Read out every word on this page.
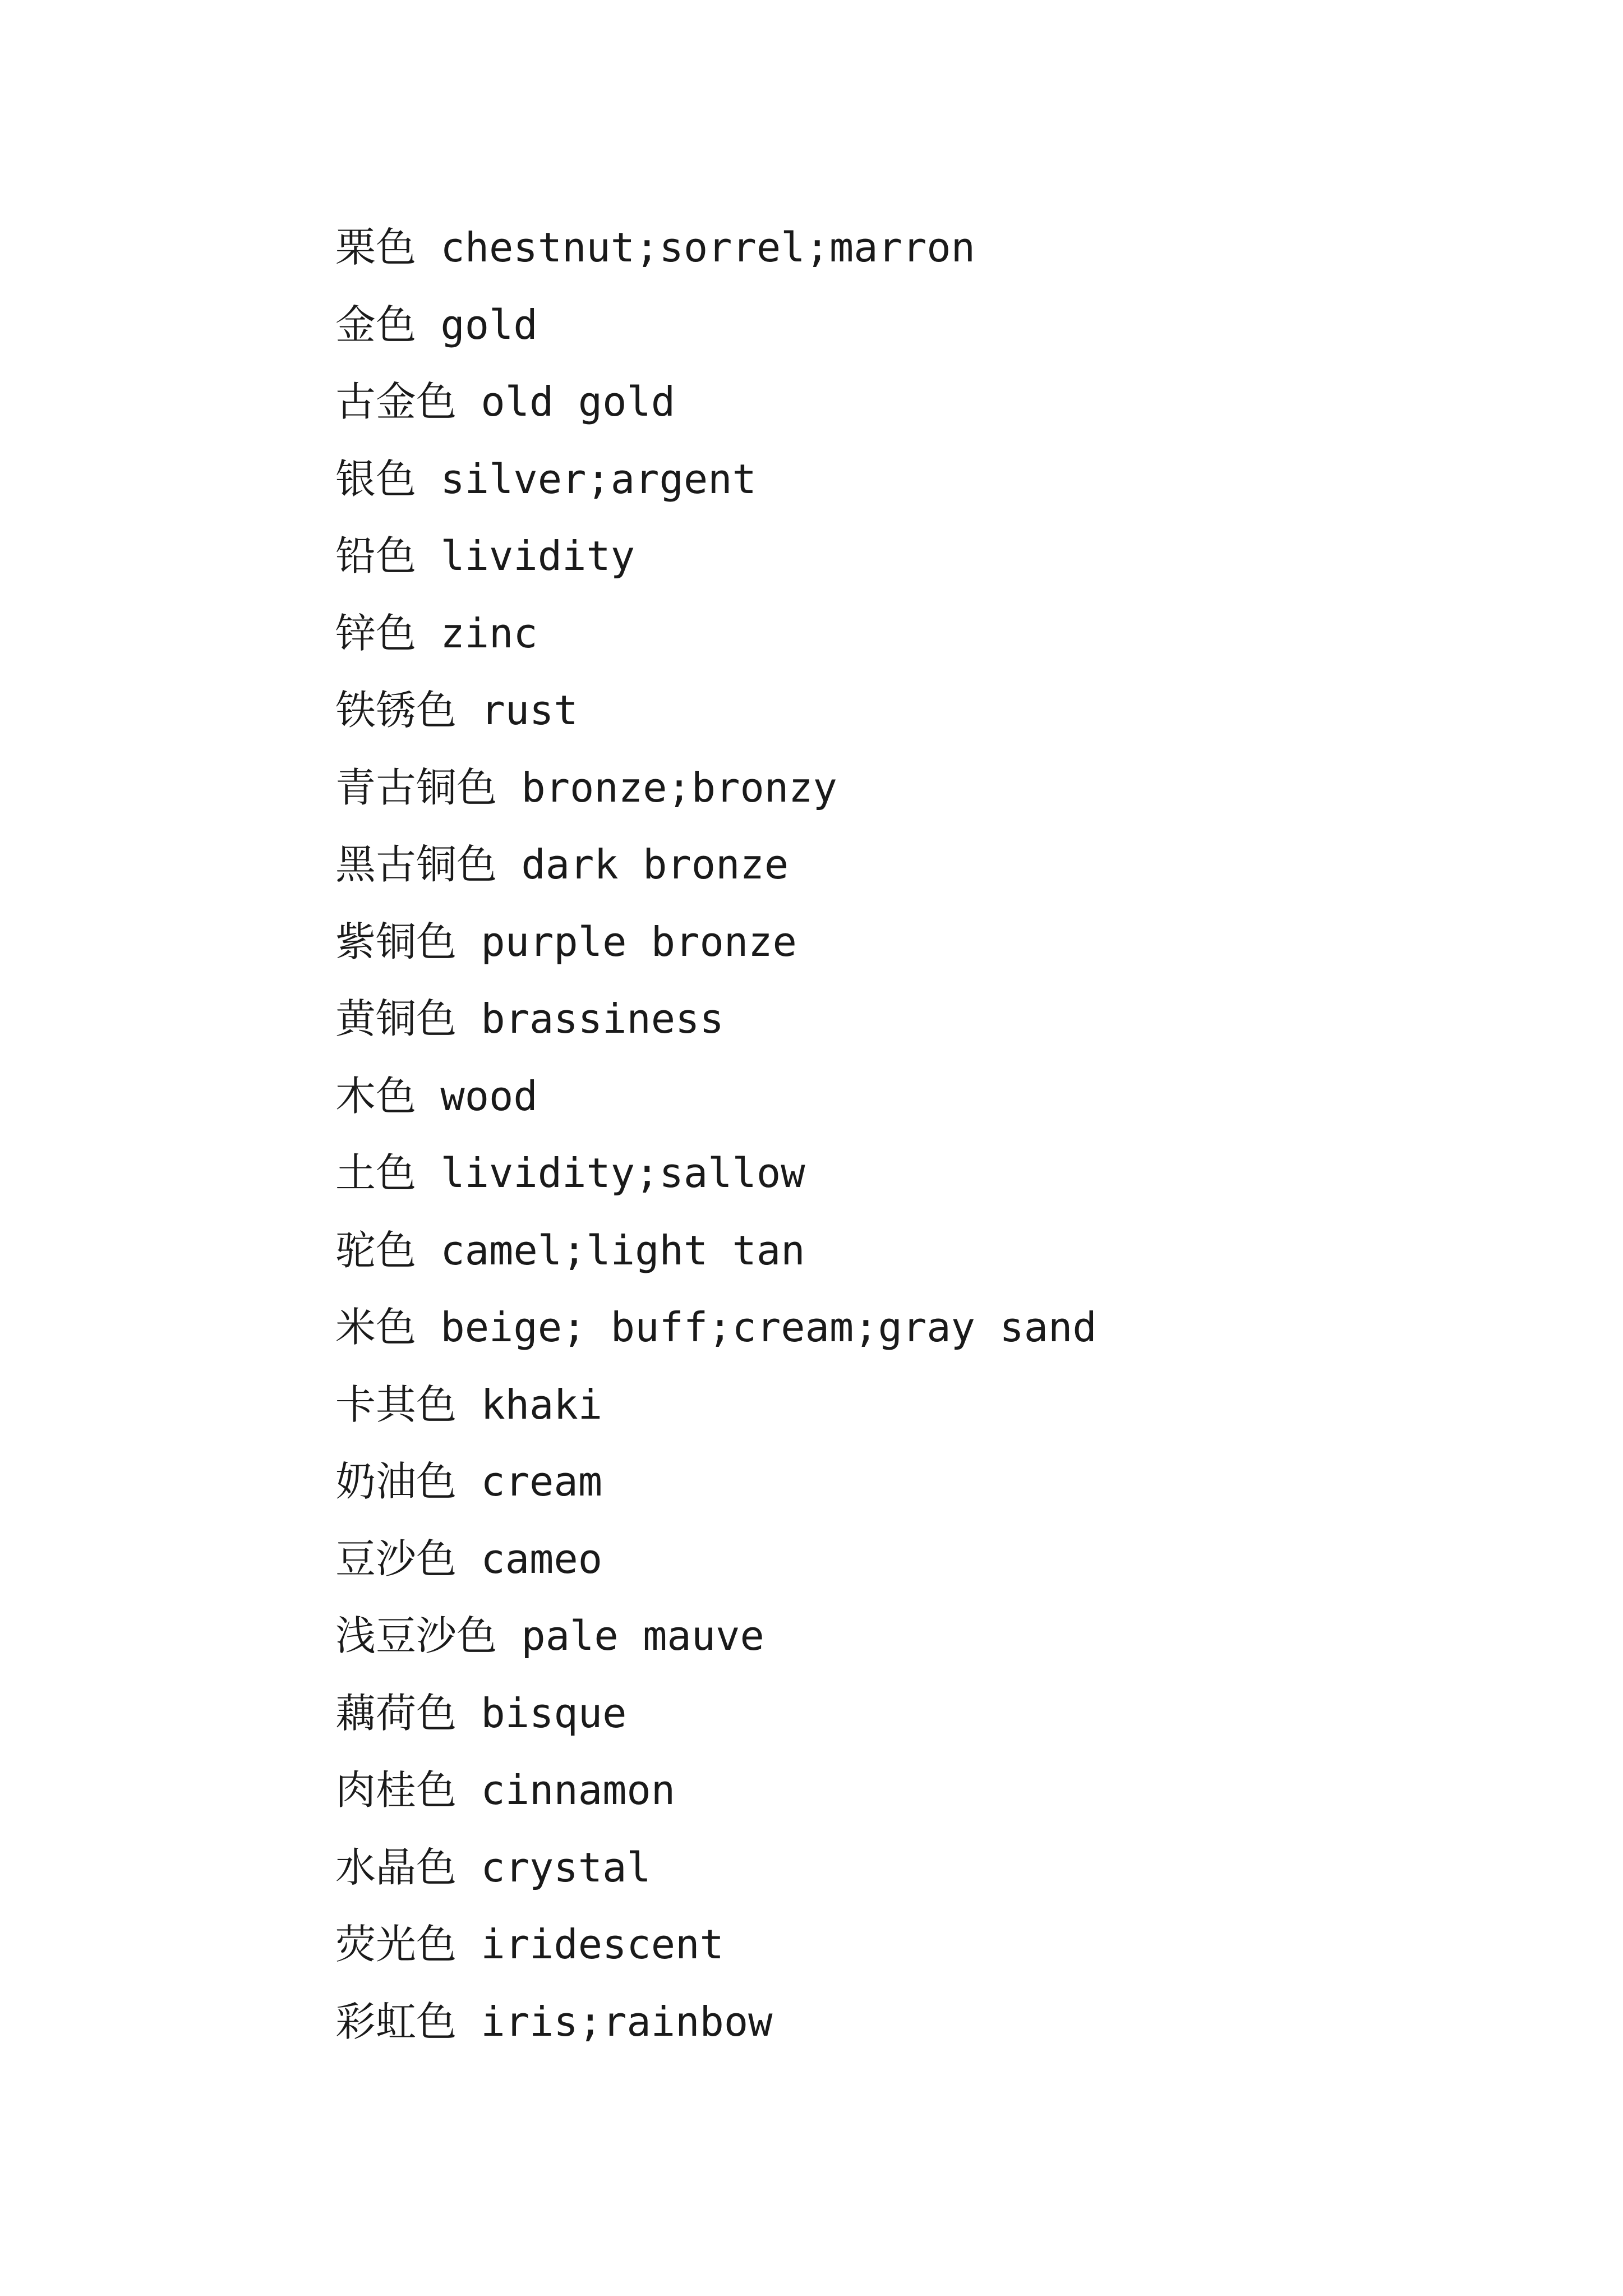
栗色 chestnut;sorrel;marron
金色 gold
古金色 old gold
银色 silver;argent
铅色 lividity
锌色 zinc
铁锈色 rust
青古铜色 bronze;bronzy
黑古铜色 dark bronze
紫铜色 purple bronze
黄铜色 brassiness
木色 wood
土色 lividity;sallow
驼色 camel;light tan
米色 beige; buff;cream;gray sand
卡其色 khaki
奶油色 cream
豆沙色 cameo
浅豆沙色 pale mauve
藕荷色 bisque
肉桂色 cinnamon
水晶色 crystal
荧光色 iridescent
彩虹色 iris;rainbow
